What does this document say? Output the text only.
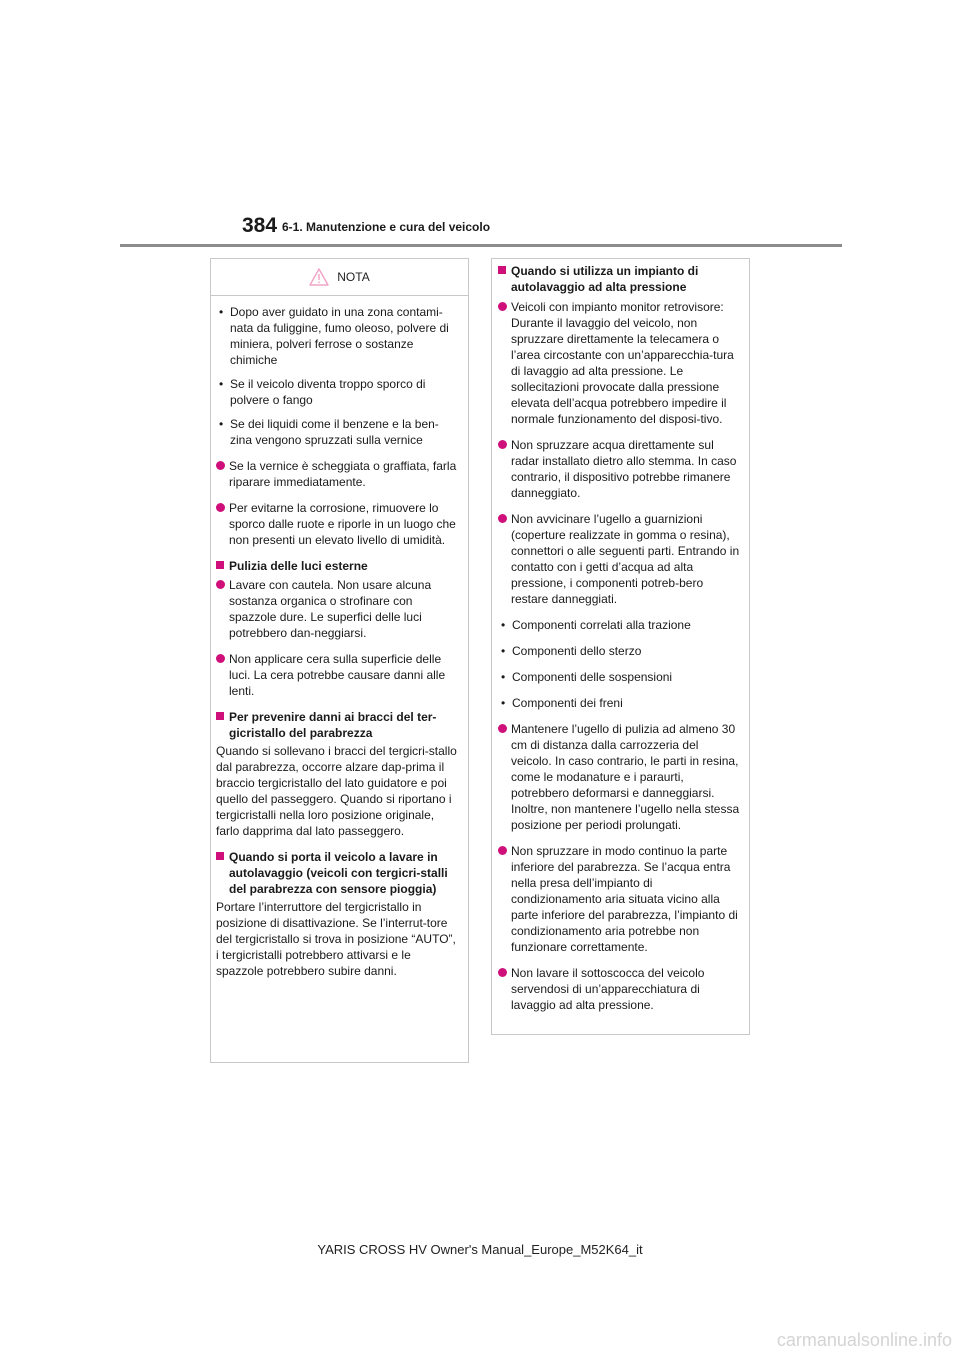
384 6-1. Manutenzione e cura del veicolo
NOTA
• Dopo aver guidato in una zona contami-nata da fuliggine, fumo oleoso, polvere di miniera, polveri ferrose o sostanze chimiche
• Se il veicolo diventa troppo sporco di polvere o fango
• Se dei liquidi come il benzene e la ben-zina vengono spruzzati sulla vernice
Se la vernice è scheggiata o graffiata, farla riparare immediatamente.
Per evitarne la corrosione, rimuovere lo sporco dalle ruote e riporle in un luogo che non presenti un elevato livello di umidità.
Pulizia delle luci esterne
Lavare con cautela. Non usare alcuna sostanza organica o strofinare con spazzole dure. Le superfici delle luci potrebbero dan-neggiarsi.
Non applicare cera sulla superficie delle luci. La cera potrebbe causare danni alle lenti.
Per prevenire danni ai bracci del ter-gicristallo del parabrezza
Quando si sollevano i bracci del tergicri-stallo dal parabrezza, occorre alzare dap-prima il braccio tergicristallo del lato guidatore e poi quello del passeggero. Quando si riportano i tergicristalli nella loro posizione originale, farlo dapprima dal lato passeggero.
Quando si porta il veicolo a lavare in autolavaggio (veicoli con tergicri-stalli del parabrezza con sensore pioggia)
Portare l’interruttore del tergicristallo in posizione di disattivazione. Se l’interrut-tore del tergicristallo si trova in posizione “AUTO”, i tergicristalli potrebbero attivarsi e le spazzole potrebbero subire danni.
Quando si utilizza un impianto di autolavaggio ad alta pressione
Veicoli con impianto monitor retrovisore: Durante il lavaggio del veicolo, non spruzzare direttamente la telecamera o l’area circostante con un’apparecchia-tura di lavaggio ad alta pressione. Le sollecitazioni provocate dalla pressione elevata dell’acqua potrebbero impedire il normale funzionamento del disposi-tivo.
Non spruzzare acqua direttamente sul radar installato dietro allo stemma. In caso contrario, il dispositivo potrebbe rimanere danneggiato.
Non avvicinare l’ugello a guarnizioni (coperture realizzate in gomma o resina), connettori o alle seguenti parti. Entrando in contatto con i getti d’acqua ad alta pressione, i componenti potreb-bero restare danneggiati.
• Componenti correlati alla trazione
• Componenti dello sterzo
• Componenti delle sospensioni
• Componenti dei freni
Mantenere l’ugello di pulizia ad almeno 30 cm di distanza dalla carrozzeria del veicolo. In caso contrario, le parti in resina, come le modanature e i paraurti, potrebbero deformarsi e danneggiarsi. Inoltre, non mantenere l’ugello nella stessa posizione per periodi prolungati.
Non spruzzare in modo continuo la parte inferiore del parabrezza. Se l’acqua entra nella presa dell’impianto di condizionamento aria situata vicino alla parte inferiore del parabrezza, l’impianto di condizionamento aria potrebbe non funzionare correttamente.
Non lavare il sottoscocca del veicolo servendosi di un’apparecchiatura di lavaggio ad alta pressione.
YARIS CROSS HV Owner's Manual_Europe_M52K64_it
carmanualsonline.info
